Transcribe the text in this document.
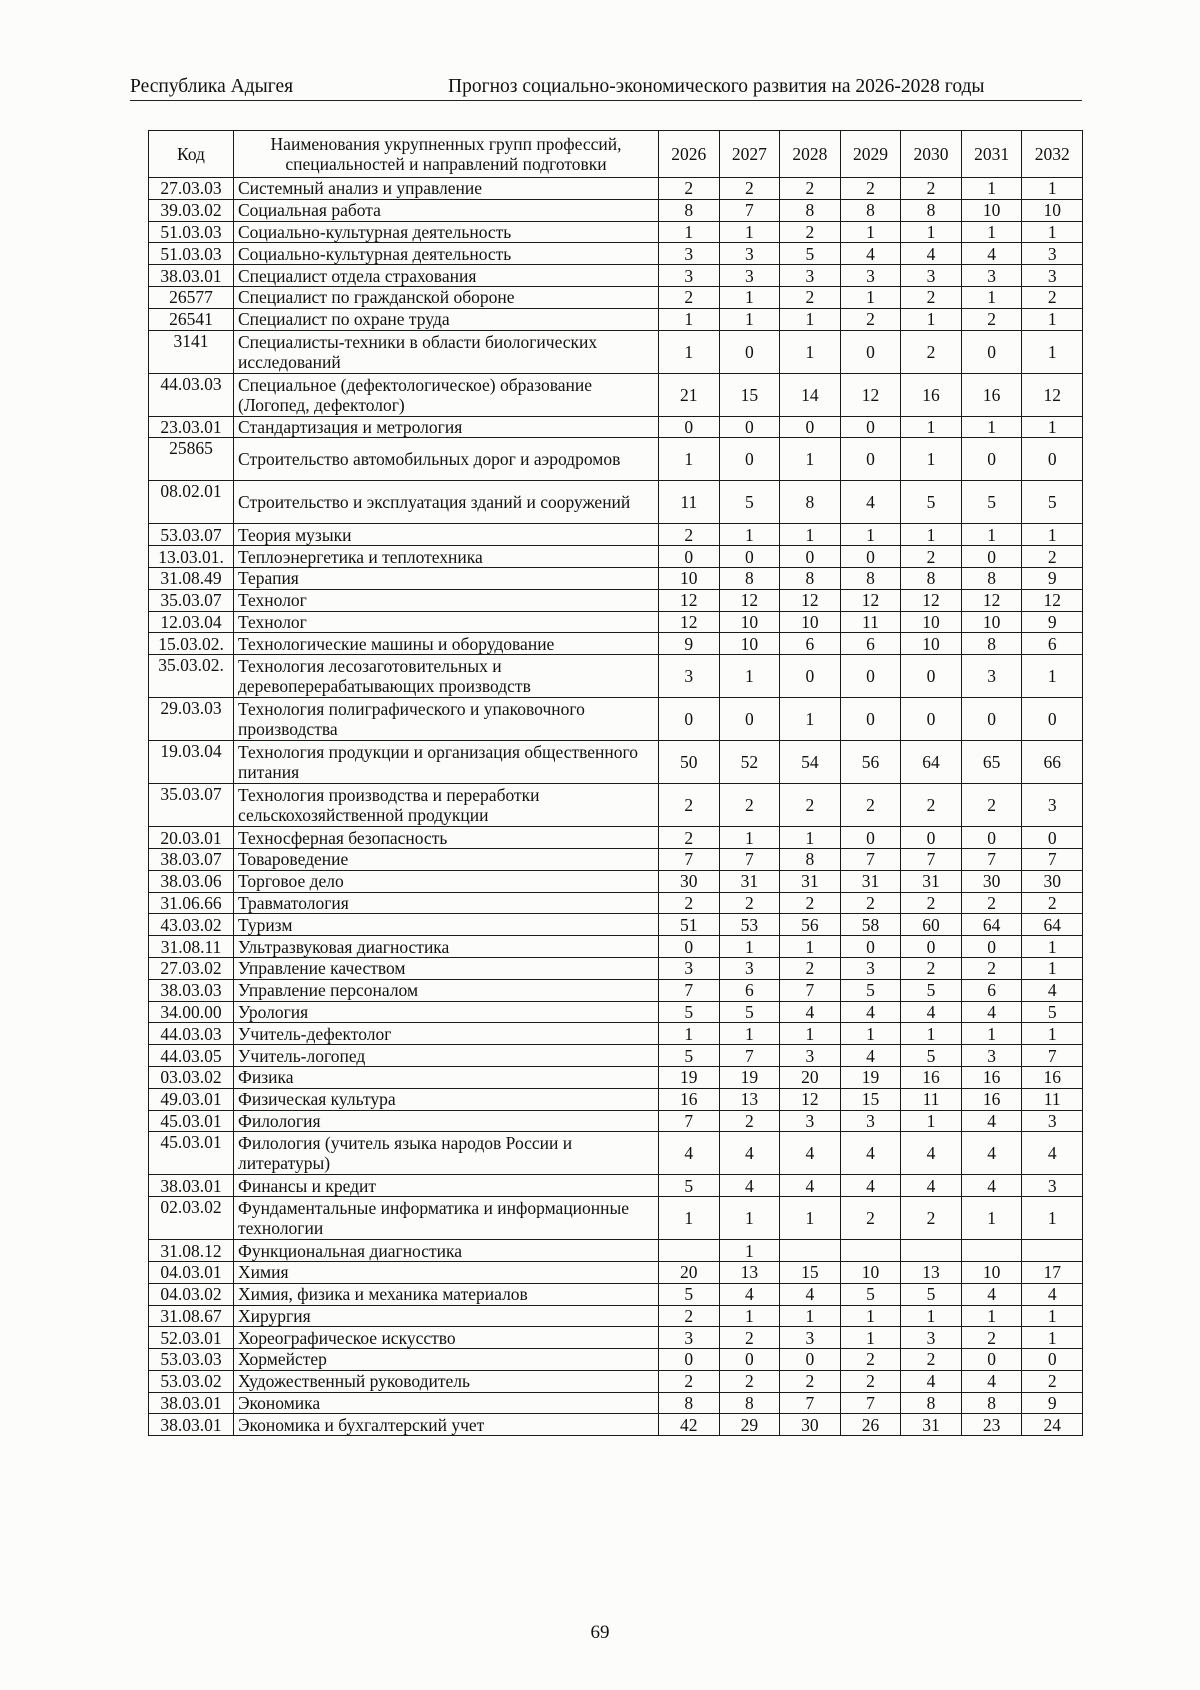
Республика Адыгея	Прогноз социально-экономического развития на 2026-2028 годы
Код	Наименования укрупненных групп профессий, специальностей и направлений подготовки	2026	2027	2028	2029	2030	2031	2032
27.03.03	Системный анализ и управление	2	2	2	2	2	1	1
39.03.02	Социальная работа	8	7	8	8	8	10	10
51.03.03	Социально-культурная деятельность	1	1	2	1	1	1	1
51.03.03	Социально-культурная деятельность	3	3	5	4	4	4	3
38.03.01	Специалист отдела страхования	3	3	3	3	3	3	3
26577	Специалист по гражданской обороне	2	1	2	1	2	1	2
26541	Специалист по охране труда	1	1	1	2	1	2	1
3141	Специалисты-техники в области биологических исследований	1	0	1	0	2	0	1
44.03.03	Специальное (дефектологическое) образование (Логопед, дефектолог)	21	15	14	12	16	16	12
23.03.01	Стандартизация и метрология	0	0	0	0	1	1	1
25865	Строительство автомобильных дорог и аэродромов	1	0	1	0	1	0	0
08.02.01	Строительство и эксплуатация зданий и сооружений	11	5	8	4	5	5	5
53.03.07	Теория музыки	2	1	1	1	1	1	1
13.03.01.	Теплоэнергетика и теплотехника	0	0	0	0	2	0	2
31.08.49	Терапия	10	8	8	8	8	8	9
35.03.07	Технолог	12	12	12	12	12	12	12
12.03.04	Технолог	12	10	10	11	10	10	9
15.03.02.	Технологические машины и оборудование	9	10	6	6	10	8	6
35.03.02.	Технология лесозаготовительных и деревоперерабатывающих производств	3	1	0	0	0	3	1
29.03.03	Технология полиграфического и упаковочного производства	0	0	1	0	0	0	0
19.03.04	Технология продукции и организация общественного питания	50	52	54	56	64	65	66
35.03.07	Технология производства и переработки сельскохозяйственной продукции	2	2	2	2	2	2	3
20.03.01	Техносферная безопасность	2	1	1	0	0	0	0
38.03.07	Товароведение	7	7	8	7	7	7	7
38.03.06	Торговое дело	30	31	31	31	31	30	30
31.06.66	Травматология	2	2	2	2	2	2	2
43.03.02	Туризм	51	53	56	58	60	64	64
31.08.11	Ультразвуковая диагностика	0	1	1	0	0	0	1
27.03.02	Управление качеством	3	3	2	3	2	2	1
38.03.03	Управление персоналом	7	6	7	5	5	6	4
34.00.00	Урология	5	5	4	4	4	4	5
44.03.03	Учитель-дефектолог	1	1	1	1	1	1	1
44.03.05	Учитель-логопед	5	7	3	4	5	3	7
03.03.02	Физика	19	19	20	19	16	16	16
49.03.01	Физическая культура	16	13	12	15	11	16	11
45.03.01	Филология	7	2	3	3	1	4	3
45.03.01	Филология (учитель языка народов России и литературы)	4	4	4	4	4	4	4
38.03.01	Финансы и кредит	5	4	4	4	4	4	3
02.03.02	Фундаментальные информатика и информационные технологии	1	1	1	2	2	1	1
31.08.12	Функциональная диагностика		1					
04.03.01	Химия	20	13	15	10	13	10	17
04.03.02	Химия, физика и механика материалов	5	4	4	5	5	4	4
31.08.67	Хирургия	2	1	1	1	1	1	1
52.03.01	Хореографическое искусство	3	2	3	1	3	2	1
53.03.03	Хормейстер	0	0	0	2	2	0	0
53.03.02	Художественный руководитель	2	2	2	2	4	4	2
38.03.01	Экономика	8	8	7	7	8	8	9
38.03.01	Экономика и бухгалтерский учет	42	29	30	26	31	23	24
69
